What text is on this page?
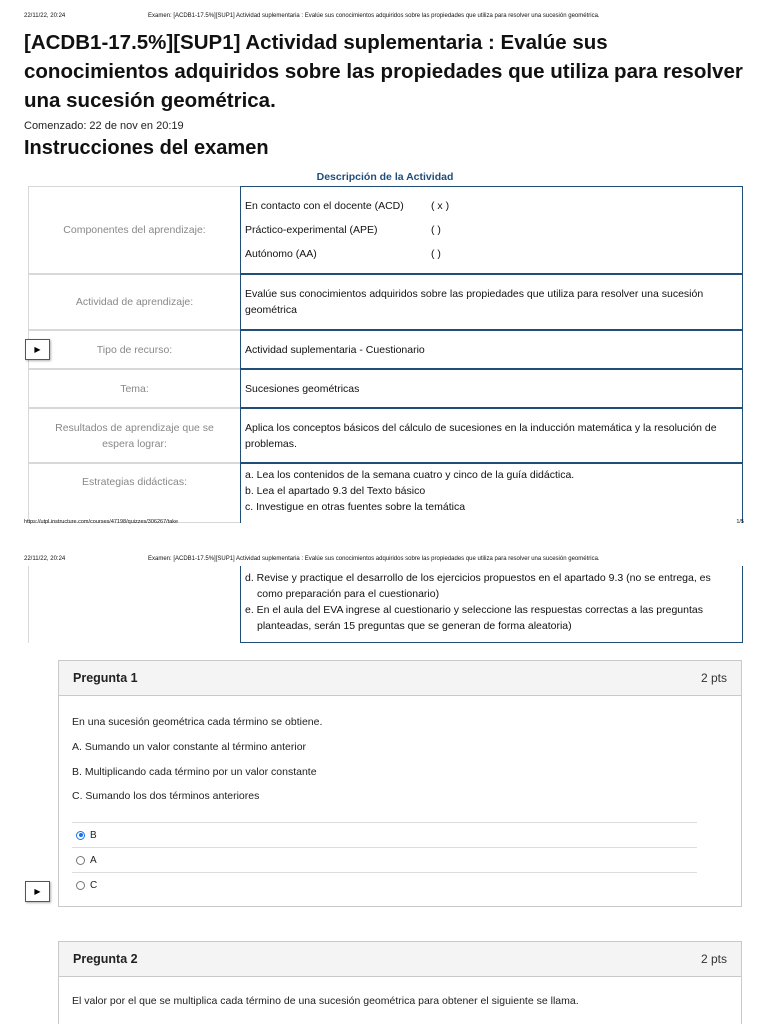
22/11/22, 20:24	Examen: [ACDB1-17.5%][SUP1] Actividad suplementaria : Evalúe sus conocimientos adquiridos sobre las propiedades que utiliza para resolver una sucesión geométrica.
[ACDB1-17.5%][SUP1] Actividad suplementaria : Evalúe sus conocimientos adquiridos sobre las propiedades que utiliza para resolver una sucesión geométrica.
Comenzado: 22 de nov en 20:19
Instrucciones del examen
Descripción de la Actividad
Componentes del aprendizaje:
En contacto con el docente (ACD)	( x )
Práctico-experimental (APE)	( )
Autónomo (AA)	( )
Actividad de aprendizaje:
Evalúe sus conocimientos adquiridos sobre las propiedades que utiliza para resolver una sucesión geométrica
Tipo de recurso:	Actividad suplementaria - Cuestionario
Tema:	Sucesiones geométricas
Resultados de aprendizaje que se espera lograr:
Aplica los conceptos básicos del cálculo de sucesiones en la inducción matemática y la resolución de problemas.
Estrategias didácticas:
a. Lea los contenidos de la semana cuatro y cinco de la guía didáctica.
b. Lea el apartado 9.3 del Texto básico
c. Investigue en otras fuentes sobre la temática
▶
https://utpl.instructure.com/courses/47198/quizzes/306267/take	1/5
22/11/22, 20:24	Examen: [ACDB1-17.5%][SUP1] Actividad suplementaria : Evalúe sus conocimientos adquiridos sobre las propiedades que utiliza para resolver una sucesión geométrica.
d. Revise y practique el desarrollo de los ejercicios propuestos en el apartado 9.3 (no se entrega, es como preparación para el cuestionario)
e. En el aula del EVA ingrese al cuestionario y seleccione las respuestas correctas a las preguntas planteadas, serán 15 preguntas que se generan de forma aleatoria)
Pregunta 1	2 pts

En una sucesión geométrica cada término se obtiene.

A. Sumando un valor constante al término anterior

B. Multiplicando cada término por un valor constante

C. Sumando los dos términos anteriores

B
A
C
▶
Pregunta 2	2 pts

El valor por el que se multiplica cada término de una sucesión geométrica para obtener el siguiente se llama.
